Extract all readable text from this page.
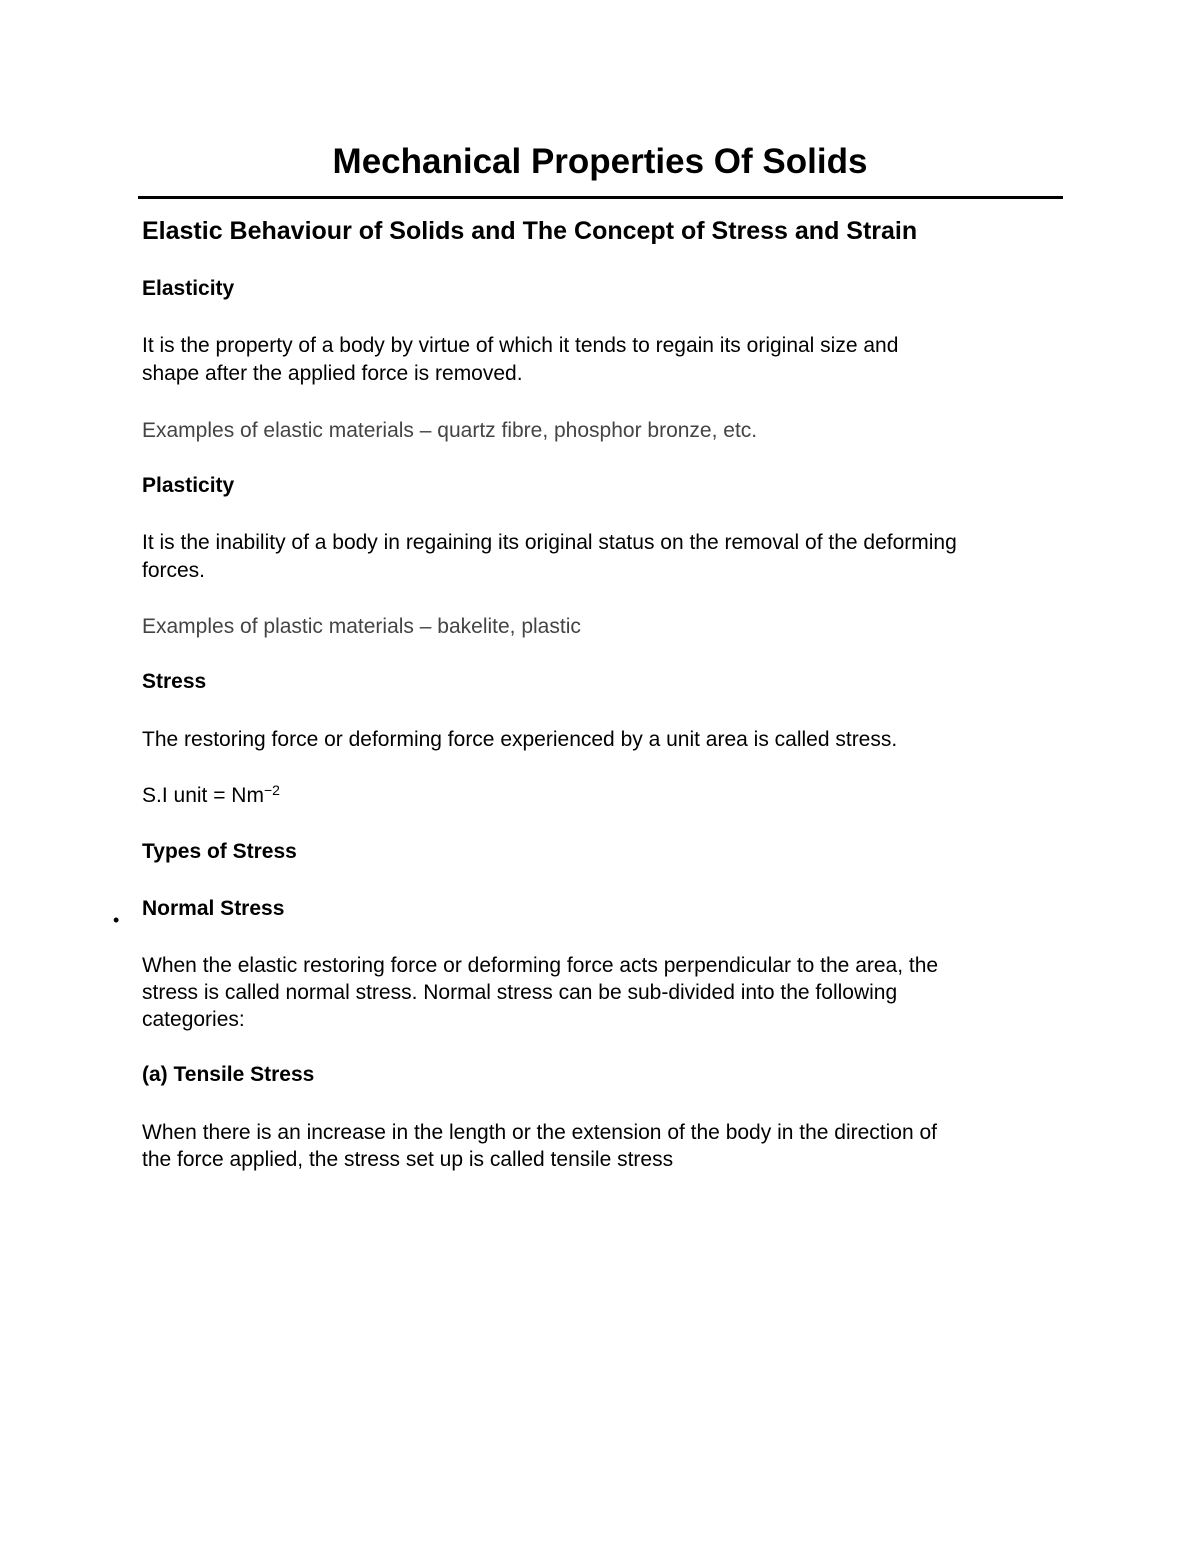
Mechanical Properties Of Solids
Elastic Behaviour of Solids and The Concept of Stress and Strain
Elasticity
It is the property of a body by virtue of which it tends to regain its original size and
shape after the applied force is removed.
Examples of elastic materials – quartz fibre, phosphor bronze, etc.
Plasticity
It is the inability of a body in regaining its original status on the removal of the deforming
forces.
Examples of plastic materials – bakelite, plastic
Stress
The restoring force or deforming force experienced by a unit area is called stress.
S.I unit = $Nm^{-2}$
Types of Stress
• Normal Stress
When the elastic restoring force or deforming force acts perpendicular to the area, the
stress is called normal stress. Normal stress can be sub-divided into the following
categories:
(a) Tensile Stress
When there is an increase in the length or the extension of the body in the direction of
the force applied, the stress set up is called tensile stress
